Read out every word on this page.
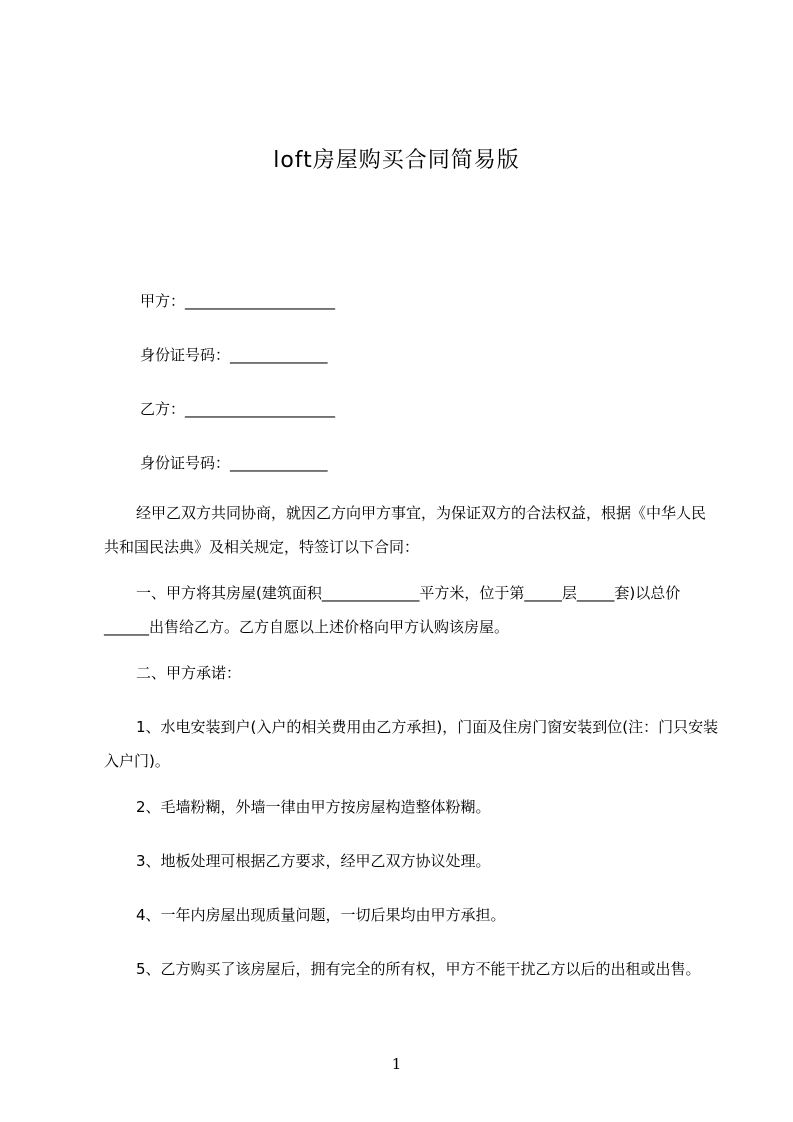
loft房屋购买合同简易版
甲方：____________________
身份证号码：_____________
乙方：____________________
身份证号码：_____________
经甲乙双方共同协商，就因乙方向甲方事宜，为保证双方的合法权益，根据《中华人民共和国民法典》及相关规定，特签订以下合同：
一、甲方将其房屋(建筑面积_____________平方米，位于第_____层_____套)以总价______出售给乙方。乙方自愿以上述价格向甲方认购该房屋。
二、甲方承诺：
1、水电安装到户(入户的相关费用由乙方承担)，门面及住房门窗安装到位(注：门只安装入户门)。
2、毛墙粉糊，外墙一律由甲方按房屋构造整体粉糊。
3、地板处理可根据乙方要求，经甲乙双方协议处理。
4、一年内房屋出现质量问题，一切后果均由甲方承担。
5、乙方购买了该房屋后，拥有完全的所有权，甲方不能干扰乙方以后的出租或出售。
1
